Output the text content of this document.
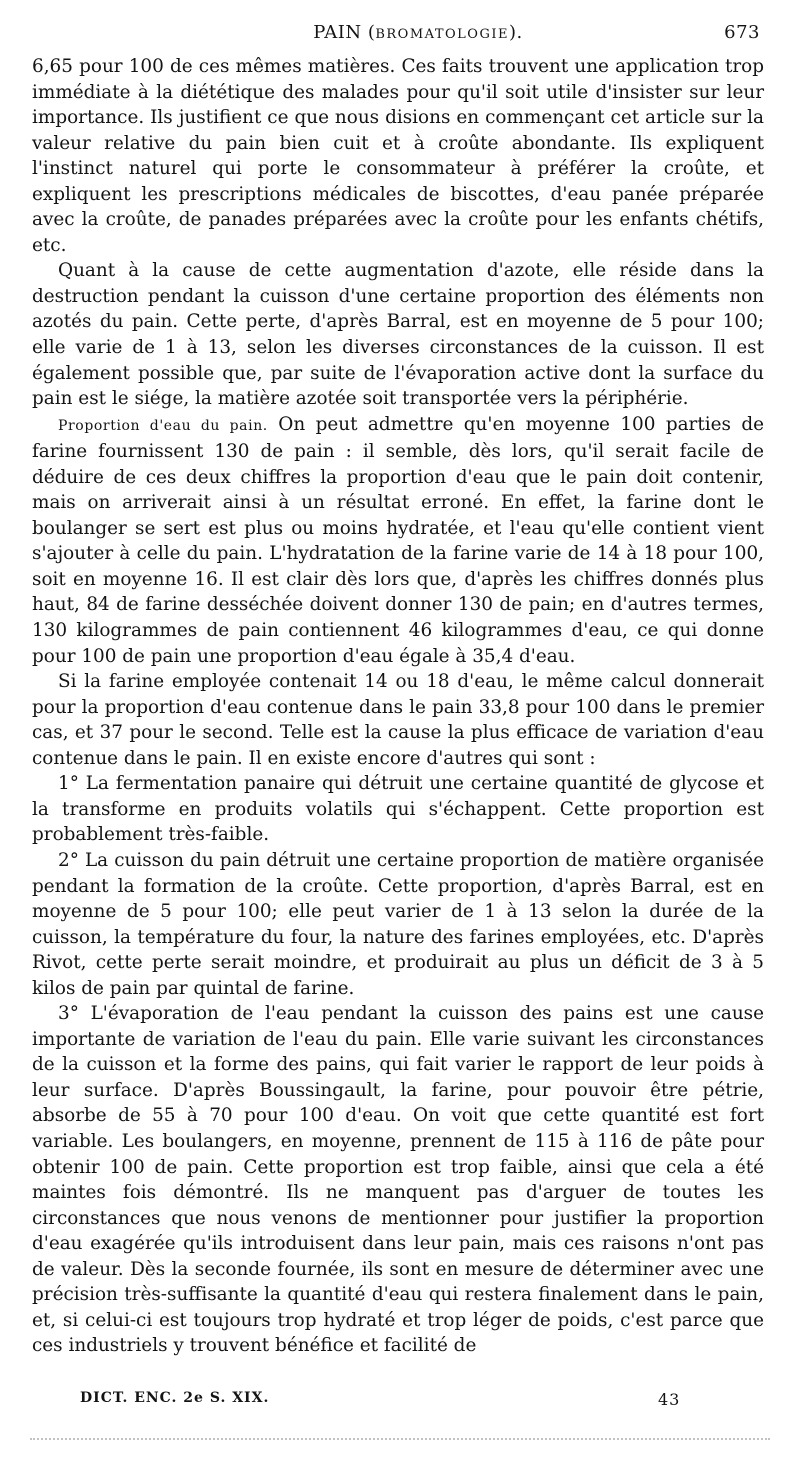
PAIN (BROMATOLOGIE).	673

6,65 pour 100 de ces mêmes matières. Ces faits trouvent une application trop immédiate à la diététique des malades pour qu'il soit utile d'insister sur leur importance. Ils justifient ce que nous disions en commençant cet article sur la valeur relative du pain bien cuit et à croûte abondante. Ils expliquent l'instinct naturel qui porte le consommateur à préférer la croûte, et expliquent les prescriptions médicales de biscottes, d'eau panée préparée avec la croûte, de panades préparées avec la croûte pour les enfants chétifs, etc.

Quant à la cause de cette augmentation d'azote, elle réside dans la destruction pendant la cuisson d'une certaine proportion des éléments non azotés du pain. Cette perte, d'après Barral, est en moyenne de 5 pour 100; elle varie de 1 à 13, selon les diverses circonstances de la cuisson. Il est également possible que, par suite de l'évaporation active dont la surface du pain est le siége, la matière azotée soit transportée vers la périphérie.

Proportion d'eau du pain. On peut admettre qu'en moyenne 100 parties de farine fournissent 130 de pain : il semble, dès lors, qu'il serait facile de déduire de ces deux chiffres la proportion d'eau que le pain doit contenir, mais on arriverait ainsi à un résultat erroné. En effet, la farine dont le boulanger se sert est plus ou moins hydratée, et l'eau qu'elle contient vient s'ajouter à celle du pain. L'hydratation de la farine varie de 14 à 18 pour 100, soit en moyenne 16. Il est clair dès lors que, d'après les chiffres donnés plus haut, 84 de farine desséchée doivent donner 130 de pain; en d'autres termes, 130 kilogrammes de pain contiennent 46 kilogrammes d'eau, ce qui donne pour 100 de pain une proportion d'eau égale à 35,4 d'eau.

Si la farine employée contenait 14 ou 18 d'eau, le même calcul donnerait pour la proportion d'eau contenue dans le pain 33,8 pour 100 dans le premier cas, et 37 pour le second. Telle est la cause la plus efficace de variation d'eau contenue dans le pain. Il en existe encore d'autres qui sont :

1° La fermentation panaire qui détruit une certaine quantité de glycose et la transforme en produits volatils qui s'échappent. Cette proportion est probablement très-faible.

2° La cuisson du pain détruit une certaine proportion de matière organisée pendant la formation de la croûte. Cette proportion, d'après Barral, est en moyenne de 5 pour 100; elle peut varier de 1 à 13 selon la durée de la cuisson, la température du four, la nature des farines employées, etc. D'après Rivot, cette perte serait moindre, et produirait au plus un déficit de 3 à 5 kilos de pain par quintal de farine.

3° L'évaporation de l'eau pendant la cuisson des pains est une cause importante de variation de l'eau du pain. Elle varie suivant les circonstances de la cuisson et la forme des pains, qui fait varier le rapport de leur poids à leur surface. D'après Boussingault, la farine, pour pouvoir être pétrie, absorbe de 55 à 70 pour 100 d'eau. On voit que cette quantité est fort variable. Les boulangers, en moyenne, prennent de 115 à 116 de pâte pour obtenir 100 de pain. Cette proportion est trop faible, ainsi que cela a été maintes fois démontré. Ils ne manquent pas d'arguer de toutes les circonstances que nous venons de mentionner pour justifier la proportion d'eau exagérée qu'ils introduisent dans leur pain, mais ces raisons n'ont pas de valeur. Dès la seconde fournée, ils sont en mesure de déterminer avec une précision très-suffisante la quantité d'eau qui restera finalement dans le pain, et, si celui-ci est toujours trop hydraté et trop léger de poids, c'est parce que ces industriels y trouvent bénéfice et facilité de

DICT. ENC. 2e S. XIX.	43
